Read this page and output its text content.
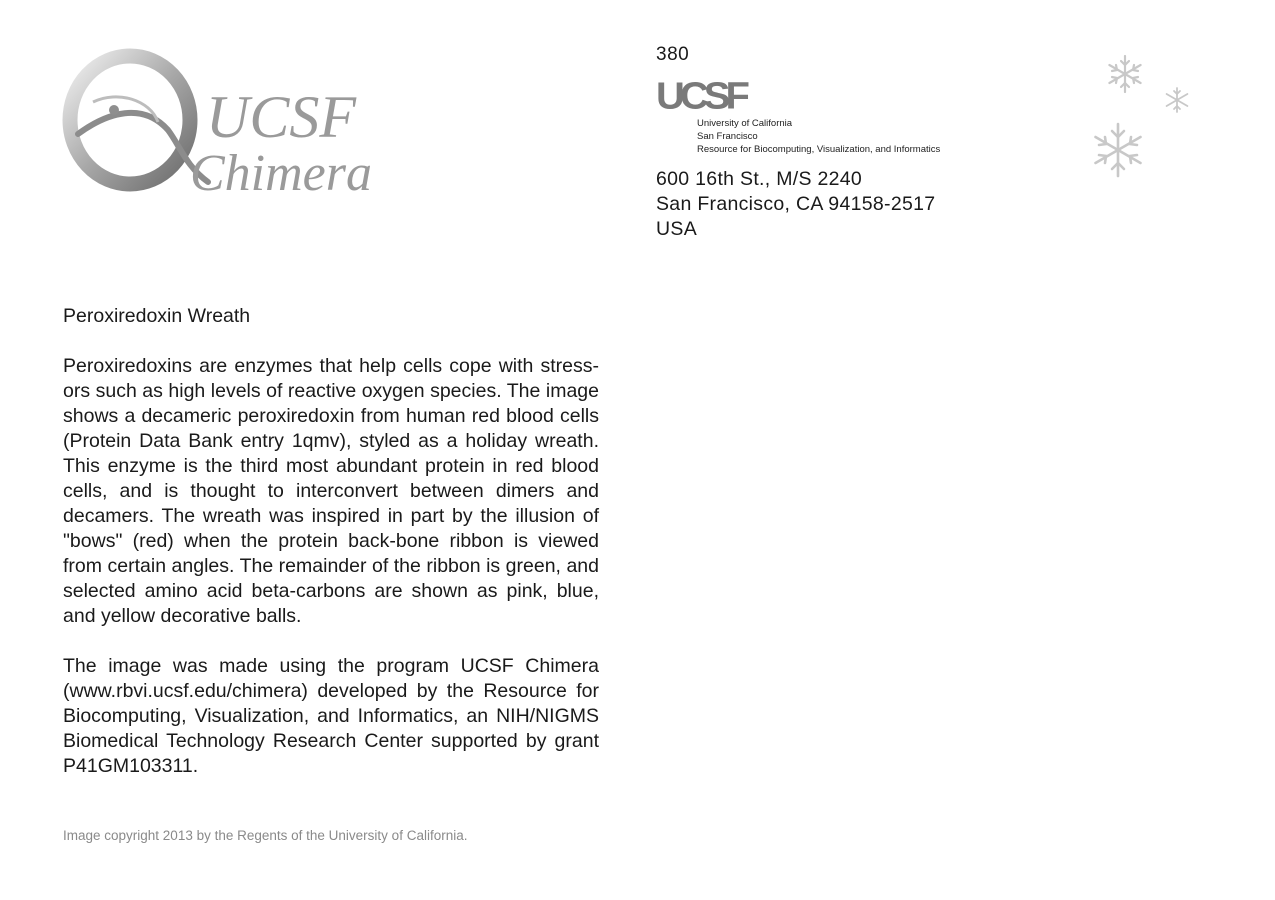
UCSF
Chimera
380
UCSF
University of California
San Francisco
Resource for Biocomputing, Visualization, and Informatics
600 16th St., M/S 2240
San Francisco, CA 94158-2517
USA
Peroxiredoxin Wreath

Peroxiredoxins are enzymes that help cells cope with stress-ors such as high levels of reactive oxygen species. The image shows a decameric peroxiredoxin from human red blood cells (Protein Data Bank entry 1qmv), styled as a holiday wreath. This enzyme is the third most abundant protein in red blood cells, and is thought to interconvert between dimers and decamers. The wreath was inspired in part by the illusion of "bows" (red) when the protein back-bone ribbon is viewed from certain angles. The remainder of the ribbon is green, and selected amino acid beta-carbons are shown as pink, blue, and yellow decorative balls.

The image was made using the program UCSF Chimera (www.rbvi.ucsf.edu/chimera) developed by the Resource for Biocomputing, Visualization, and Informatics, an NIH/NIGMS Biomedical Technology Research Center supported by grant P41GM103311.

Image copyright 2013 by the Regents of the University of California.
